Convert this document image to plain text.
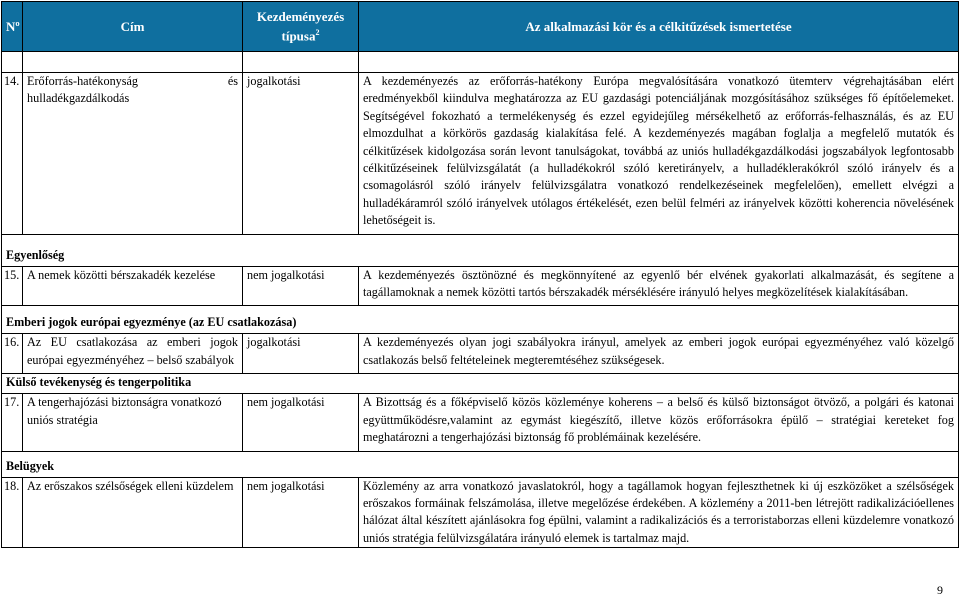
Nº	Cím	Kezdeményezés
típusa$^2$	Az alkalmazási kör és a célkitűzések ismertetése

14.	Erőforrás-hatékonyság és hulladékgazdálkodás	jogalkotási	A kezdeményezés az erőforrás-hatékony Európa megvalósítására vonatkozó ütemterv végrehajtásában elért eredményekből kiindulva meghatározza az EU gazdasági potenciáljának mozgósításához szükséges fő építőelemeket. Segítségével fokozható a termelékenység és ezzel egyidejűleg mérsékelhető az erőforrás-felhasználás, és az EU elmozdulhat a körkörös gazdaság kialakítása felé. A kezdeményezés magában foglalja a megfelelő mutatók és célkitűzések kidolgozása során levont tanulságokat, továbbá az uniós hulladékgazdálkodási jogszabályok legfontosabb célkitűzéseinek felülvizsgálatát (a hulladékokról szóló keretirányelv, a hulladéklerakókról szóló irányelv és a csomagolásról szóló irányelv felülvizsgálatra vonatkozó rendelkezéseinek megfelelően), emellett elvégzi a hulladékáramról szóló irányelvek utólagos értékelését, ezen belül felméri az irányelvek közötti koherencia növelésének lehetőségeit is.
Egyenlőség			
15.	A nemek közötti bérszakadék kezelése	nem jogalkotási	A kezdeményezés ösztönözné és megkönnyítené az egyenlő bér elvének gyakorlati alkalmazását, és segítene a tagállamoknak a nemek közötti tartós bérszakadék mérséklésére irányuló helyes megközelítések kialakításában.
Emberi jogok európai egyezménye (az EU csatlakozása)			
16.	Az EU csatlakozása az emberi jogok európai egyezményéhez – belső szabályok	jogalkotási	A kezdeményezés olyan jogi szabályokra irányul, amelyek az emberi jogok európai egyezményéhez való közelgő csatlakozás belső feltételeinek megteremtéséhez szükségesek.
Külső tevékenység és tengerpolitika			
17.	A tengerhajózási biztonságra vonatkozó uniós stratégia	nem jogalkotási	A Bizottság és a főképviselő közös közleménye koherens – a belső és külső biztonságot ötvöző, a polgári és katonai együttműködésre,valamint az egymást kiegészítő, illetve közös erőforrásokra épülő – stratégiai kereteket fog meghatározni a tengerhajózási biztonság fő problémáinak kezelésére.
Belügyek			
18.	Az erőszakos szélsőségek elleni küzdelem	nem jogalkotási	Közlemény az arra vonatkozó javaslatokról, hogy a tagállamok hogyan fejleszthetnek ki új eszközöket a szélsőségek erőszakos formáinak felszámolása, illetve megelőzése érdekében. A közlemény a 2011-ben létrejött radikalizációellenes hálózat által készített ajánlásokra fog épülni, valamint a radikalizációs és a terroristaborzas elleni küzdelemre vonatkozó uniós stratégia felülvizsgálatára irányuló elemek is tartalmaz majd.
9
